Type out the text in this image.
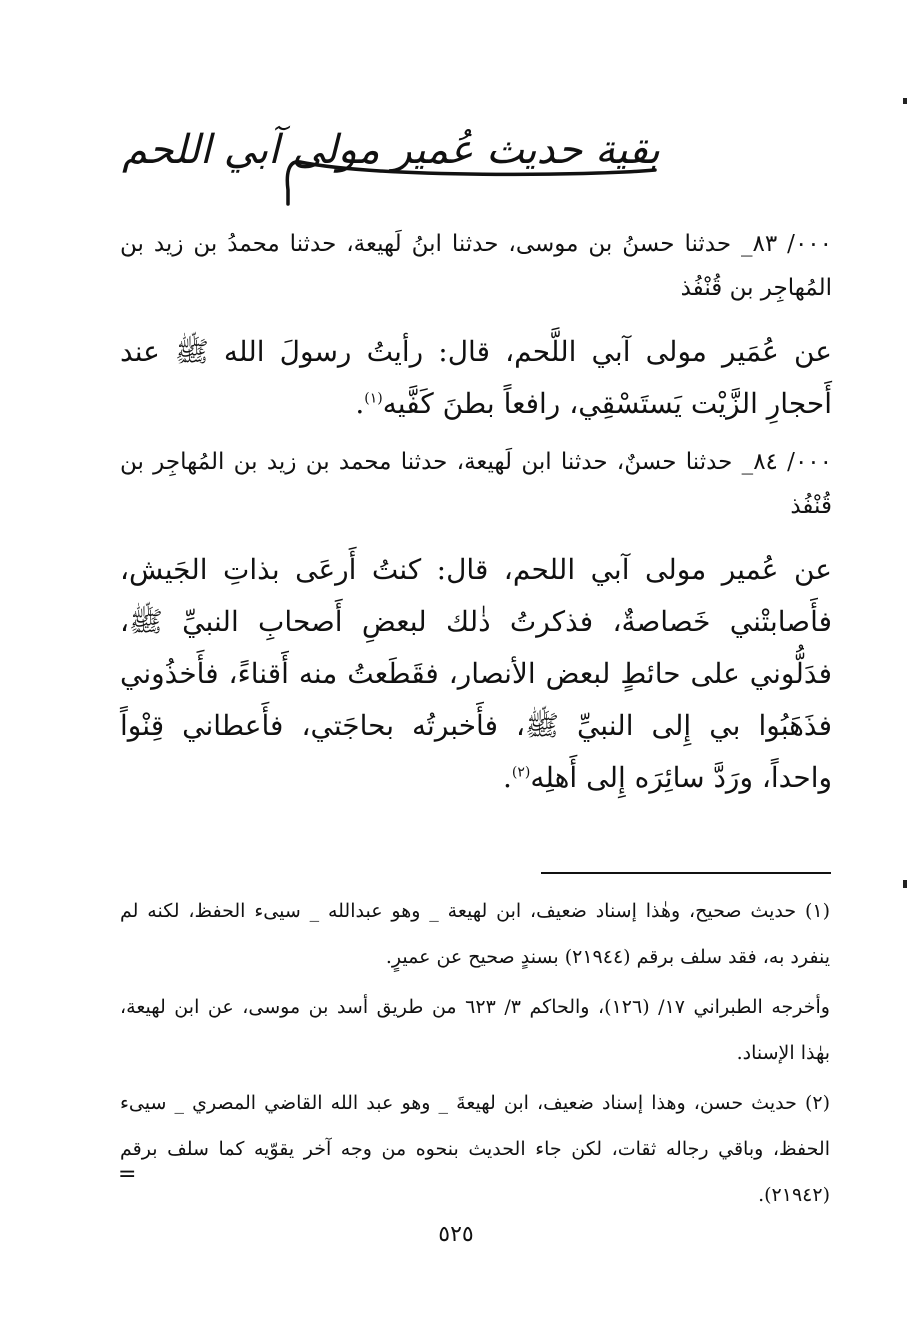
بقية حديث عُمير مولى آبي اللحم
٠٠٠/ ٨٣_ حدثنا حسنُ بن موسى، حدثنا ابنُ لَهيعة، حدثنا محمدُ بن زيد بن المُهاجِر بن قُنْفُذ
عن عُمَير مولى آبي اللَّحم، قال: رأيتُ رسولَ الله ﷺ عند أَحجارِ الزَّيْت يَستَسْقِي، رافعاً بطنَ كَفَّيه$^{(١)}$.
٠٠٠/ ٨٤_ حدثنا حسنٌ، حدثنا ابن لَهيعة، حدثنا محمد بن زيد بن المُهاجِر بن قُنْفُذ
عن عُمير مولى آبي اللحم، قال: كنتُ أَرعَى بذاتِ الجَيش، فأَصابتْني خَصاصةٌ، فذكرتُ ذٰلك لبعضِ أَصحابِ النبيِّ ﷺ، فدَلُّوني على حائطٍ لبعض الأنصار، فقَطَعتُ منه أَقناءً، فأَخذُوني فذَهَبُوا بي إِلى النبيِّ ﷺ، فأَخبرتُه بحاجَتي، فأَعطاني قِنْواً واحداً، ورَدَّ سائِرَه إِلى أَهلِه$^{(٢)}$.

(١) حديث صحيح، وهٰذا إسناد ضعيف، ابن لهيعة _ وهو عبدالله _ سيىء الحفظ، لكنه لم ينفرد به، فقد سلف برقم (٢١٩٤٤) بسندٍ صحيح عن عميرٍ.

وأخرجه الطبراني ١٧/ (١٢٦)، والحاكم ٣/ ٦٢٣ من طريق أسد بن موسى، عن ابن لهيعة، بهٰذا الإسناد.

(٢) حديث حسن، وهذا إسناد ضعيف، ابن لهيعةَ _ وهو عبد الله القاضي المصري _ سيىء الحفظ، وباقي رجاله ثقات، لكن جاء الحديث بنحوه من وجه آخر يقوّيه كما سلف برقم (٢١٩٤٢).

=
٥٢٥
